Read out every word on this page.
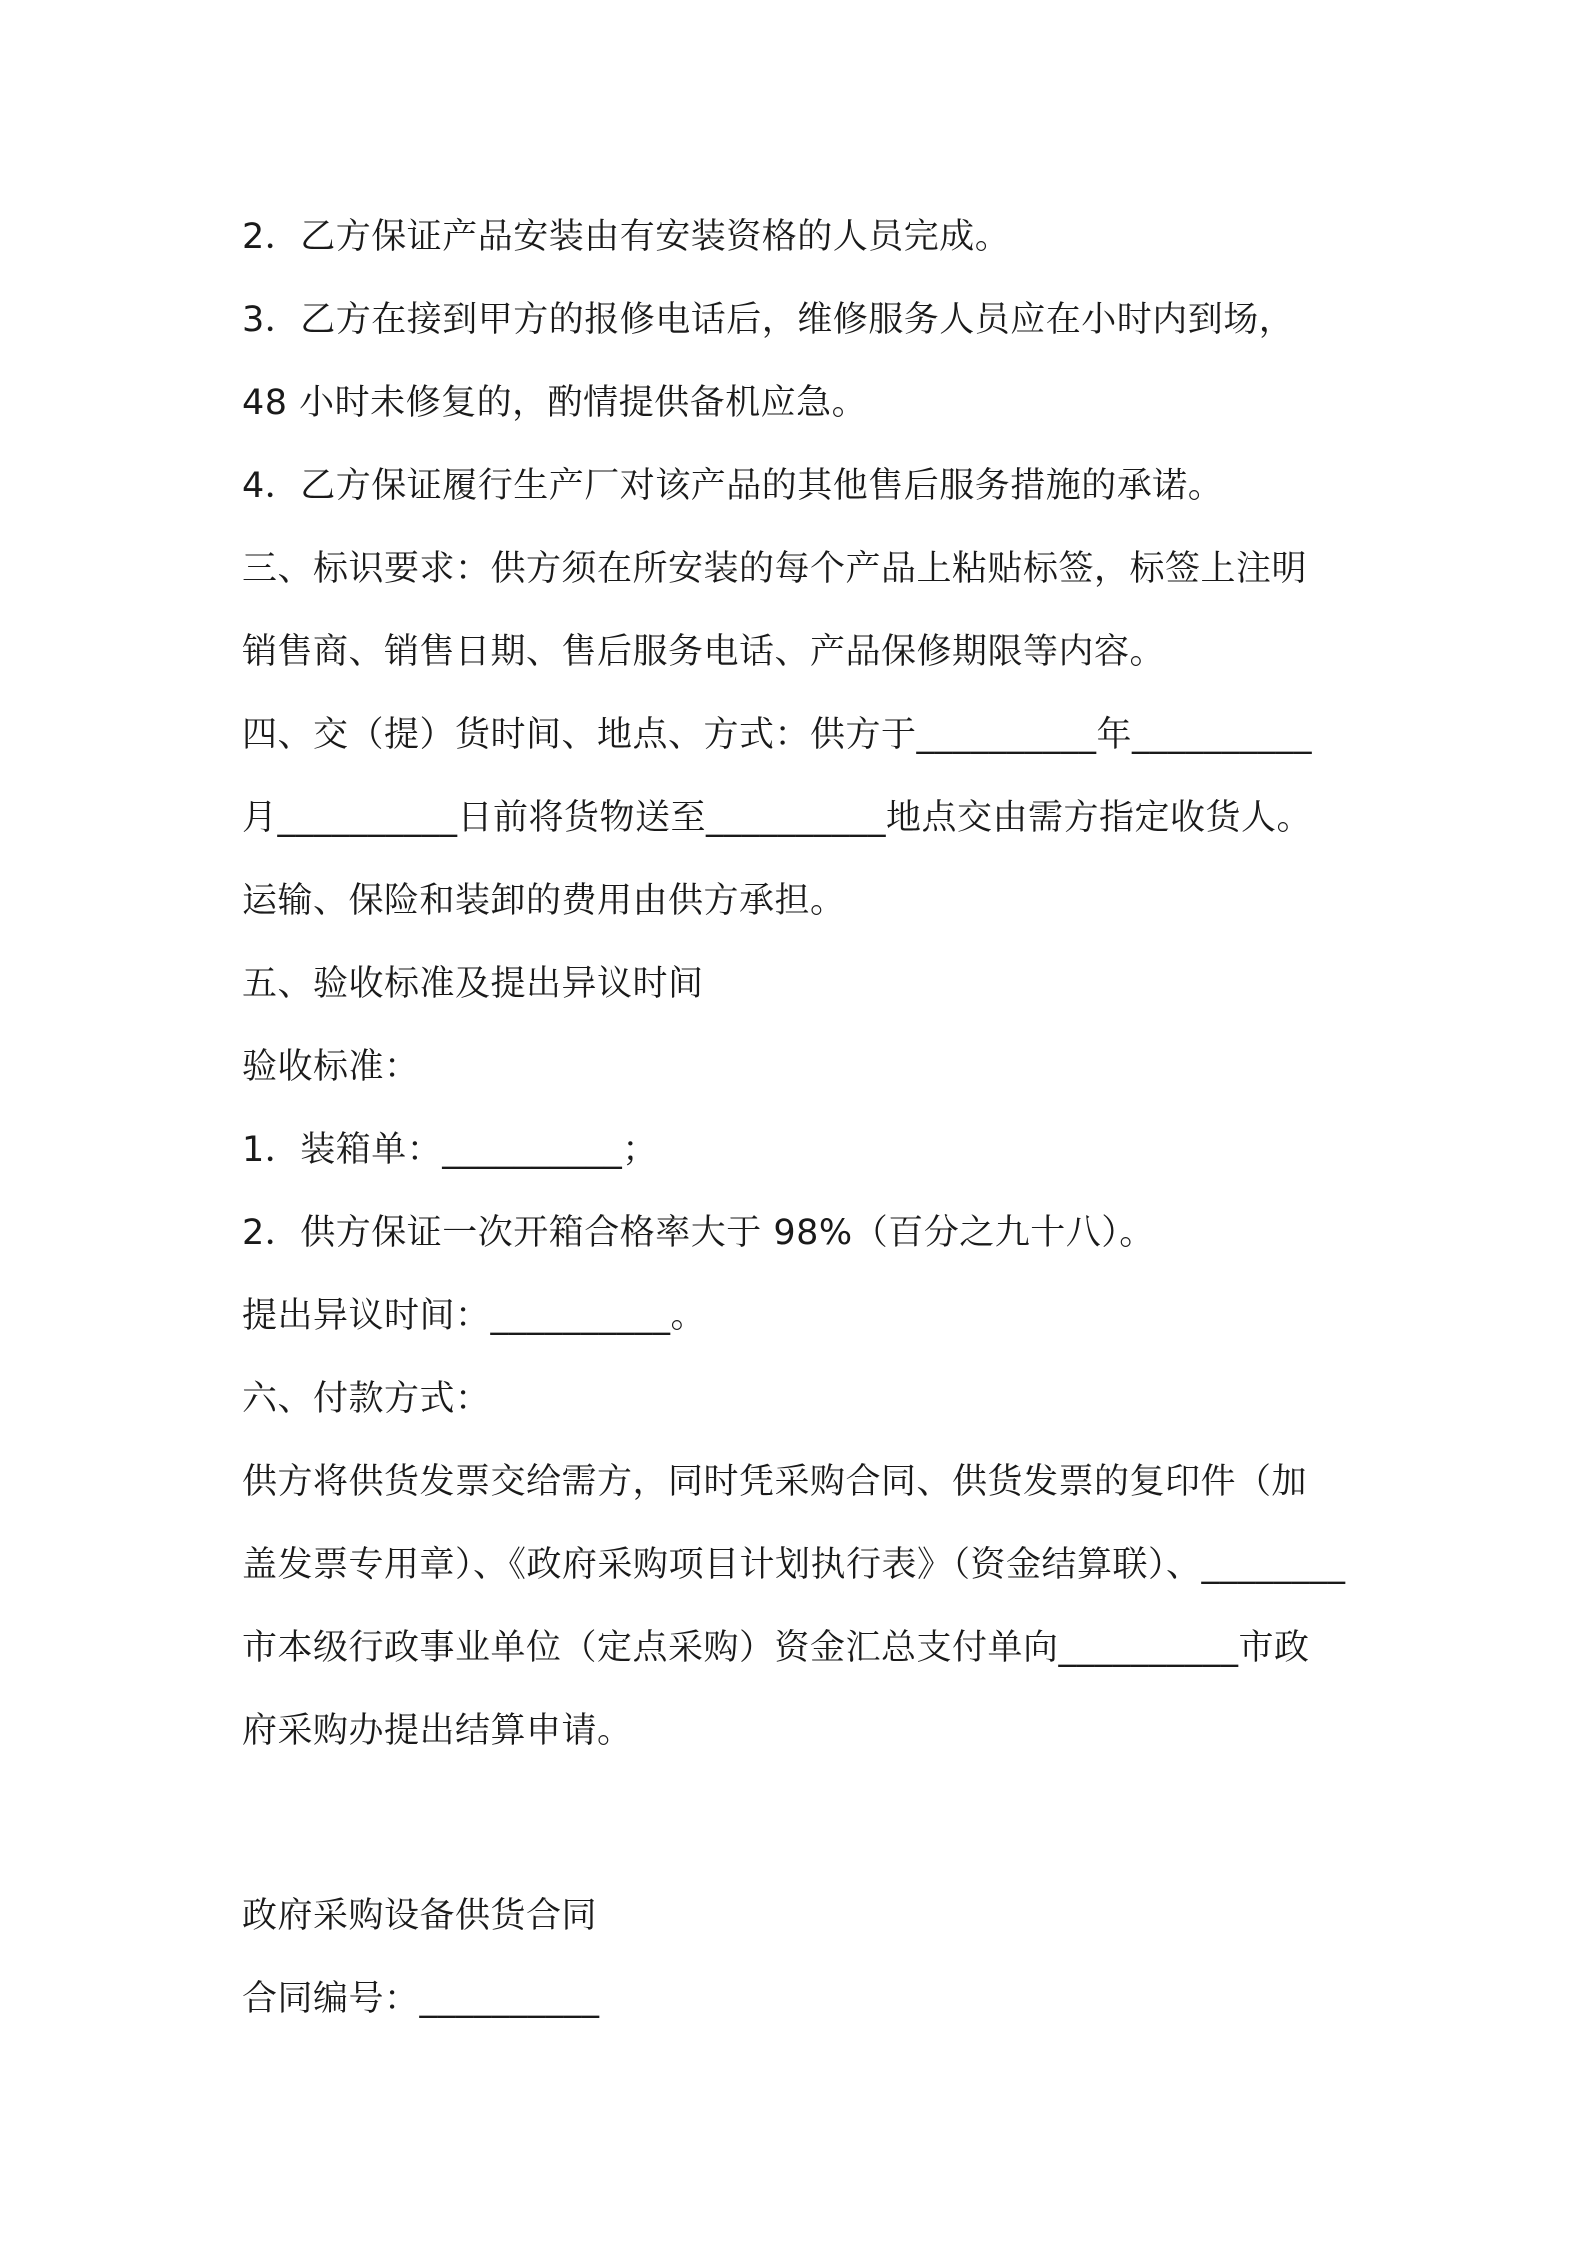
2．乙方保证产品安装由有安装资格的人员完成。
3．乙方在接到甲方的报修电话后，维修服务人员应在小时内到场，
48 小时未修复的，酌情提供备机应急。
4．乙方保证履行生产厂对该产品的其他售后服务措施的承诺。
三、标识要求：供方须在所安装的每个产品上粘贴标签，标签上注明
销售商、销售日期、售后服务电话、产品保修期限等内容。
四、交（提）货时间、地点、方式：供方于__________年__________
月__________日前将货物送至__________地点交由需方指定收货人。
运输、保险和装卸的费用由供方承担。
五、验收标准及提出异议时间
验收标准：
1．装箱单：__________；
2．供方保证一次开箱合格率大于 98%（百分之九十八）。
提出异议时间：__________。
六、付款方式：
供方将供货发票交给需方，同时凭采购合同、供货发票的复印件（加
盖发票专用章）、《政府采购项目计划执行表》（资金结算联）、________
市本级行政事业单位（定点采购）资金汇总支付单向__________市政
府采购办提出结算申请。
政府采购设备供货合同
合同编号：__________
